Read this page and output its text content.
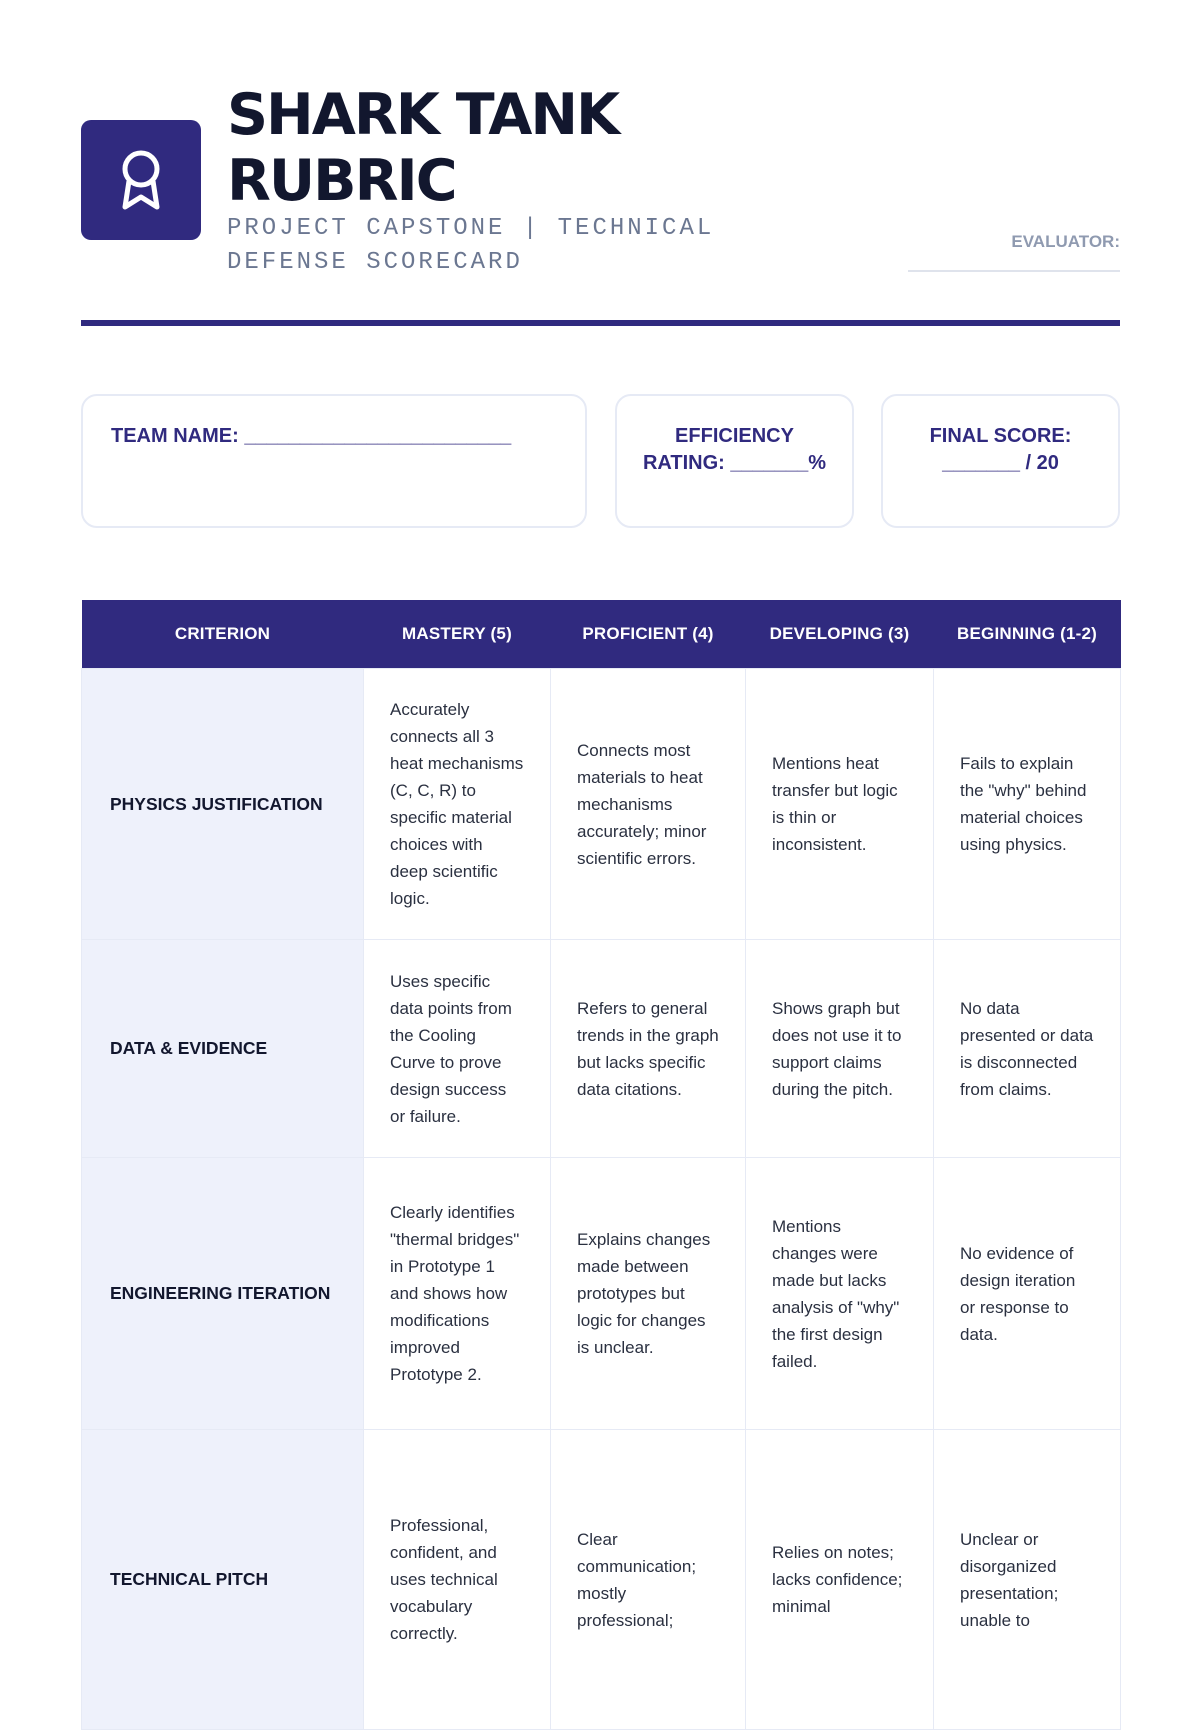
SHARK TANK RUBRIC
PROJECT CAPSTONE | TECHNICAL DEFENSE SCORECARD
EVALUATOR:
TEAM NAME: ________________________	EFFICIENCY RATING: _______%
FINAL SCORE: _______ / 20
CRITERION	MASTERY (5)	PROFICIENT (4)	DEVELOPING (3)	BEGINNING (1-2)
PHYSICS JUSTIFICATION	Accurately connects all 3 heat mechanisms (C, C, R) to specific material choices with deep scientific logic.	Connects most materials to heat mechanisms accurately; minor scientific errors.	Mentions heat transfer but logic is thin or inconsistent.	Fails to explain the "why" behind material choices using physics.
DATA & EVIDENCE	Uses specific data points from the Cooling Curve to prove design success or failure.	Refers to general trends in the graph but lacks specific data citations.	Shows graph but does not use it to support claims during the pitch.	No data presented or data is disconnected from claims.
ENGINEERING ITERATION	Clearly identifies "thermal bridges" in Prototype 1 and shows how modifications improved Prototype 2.	Explains changes made between prototypes but logic for changes is unclear.	Mentions changes were made but lacks analysis of "why" the first design failed.	No evidence of design iteration or response to data.
TECHNICAL PITCH	Professional, confident, and uses technical vocabulary correctly.	Clear communication; mostly professional;	Relies on notes; lacks confidence; minimal	Unclear or disorganized presentation; unable to
